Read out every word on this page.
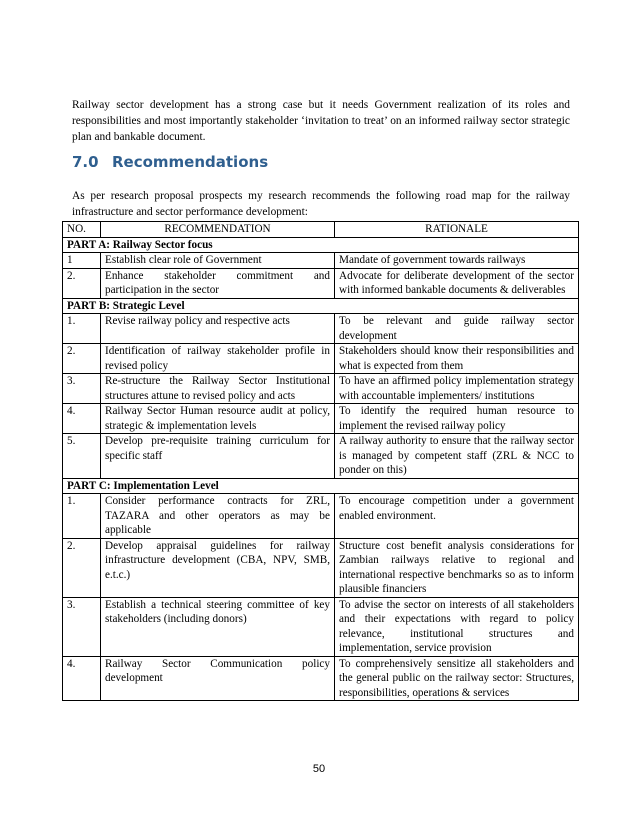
Railway sector development has a strong case but it needs Government realization of its roles and responsibilities and most importantly stakeholder ‘invitation to treat’ on an informed railway sector strategic plan and bankable document.

7.0 Recommendations

As per research proposal prospects my research recommends the following road map for the railway infrastructure and sector performance development:

NO.	RECOMMENDATION	RATIONALE
PART A: Railway Sector focus		
1	Establish clear role of Government	Mandate of government towards railways
2.	Enhance stakeholder commitment and participation in the sector	Advocate for deliberate development of the sector with informed bankable documents & deliverables
PART B: Strategic Level		
1.	Revise railway policy and respective acts	To be relevant and guide railway sector development
2.	Identification of railway stakeholder profile in revised policy	Stakeholders should know their responsibilities and what is expected from them
3.	Re-structure the Railway Sector Institutional structures attune to revised policy and acts	To have an affirmed policy implementation strategy with accountable implementers/ institutions
4.	Railway Sector Human resource audit at policy, strategic & implementation levels	To identify the required human resource to implement the revised railway policy
5.	Develop pre-requisite training curriculum for specific staff	A railway authority to ensure that the railway sector is managed by competent staff (ZRL & NCC to ponder on this)
PART C: Implementation Level		
1.	Consider performance contracts for ZRL, TAZARA and other operators as may be applicable	To encourage competition under a government enabled environment.
2.	Develop appraisal guidelines for railway infrastructure development (CBA, NPV, SMB, e.t.c.)	Structure cost benefit analysis considerations for Zambian railways relative to regional and international respective benchmarks so as to inform plausible financiers
3.	Establish a technical steering committee of key stakeholders (including donors)	To advise the sector on interests of all stakeholders and their expectations with regard to policy relevance, institutional structures and implementation, service provision
4.	Railway Sector Communication policy development	To comprehensively sensitize all stakeholders and the general public on the railway sector: Structures, responsibilities, operations & services
50
